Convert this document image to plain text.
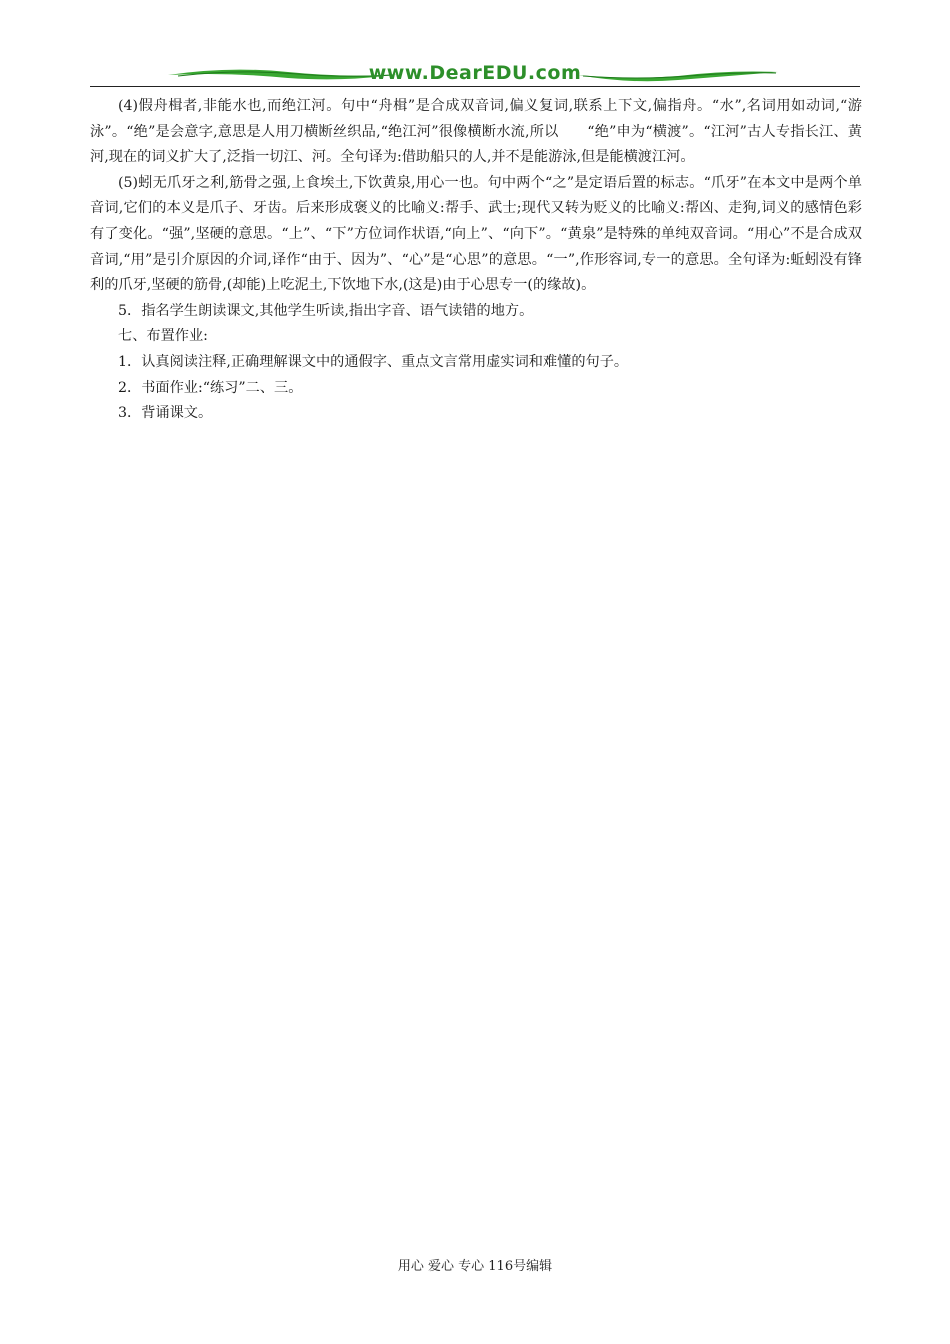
www.DearEDU.com

(4)假舟楫者,非能水也,而绝江河。句中“舟楫”是合成双音词,偏义复词,联系上下文,偏指舟。“水”,名词用如动词,“游泳”。“绝”是会意字,意思是人用刀横断丝织品,“绝江河”很像横断水流,所以　　“绝”申为“横渡”。“江河”古人专指长江、黄河,现在的词义扩大了,泛指一切江、河。全句译为:借助船只的人,并不是能游泳,但是能横渡江河。

(5)蚓无爪牙之利,筋骨之强,上食埃土,下饮黄泉,用心一也。句中两个“之”是定语后置的标志。“爪牙”在本文中是两个单音词,它们的本义是爪子、牙齿。后来形成褒义的比喻义:帮手、武士;现代又转为贬义的比喻义:帮凶、走狗,词义的感情色彩有了变化。“强”,坚硬的意思。“上”、“下”方位词作状语,“向上”、“向下”。“黄泉”是特殊的单纯双音词。“用心”不是合成双音词,“用”是引介原因的介词,译作“由于、因为”、“心”是“心思”的意思。“一”,作形容词,专一的意思。全句译为:蚯蚓没有锋利的爪牙,坚硬的筋骨,(却能)上吃泥土,下饮地下水,(这是)由于心思专一(的缘故)。

5．指名学生朗读课文,其他学生听读,指出字音、语气读错的地方。

七、布置作业:

1．认真阅读注释,正确理解课文中的通假字、重点文言常用虚实词和难懂的句子。

2．书面作业:“练习”二、三。

3．背诵课文。

用心 爱心 专心 116号编辑
